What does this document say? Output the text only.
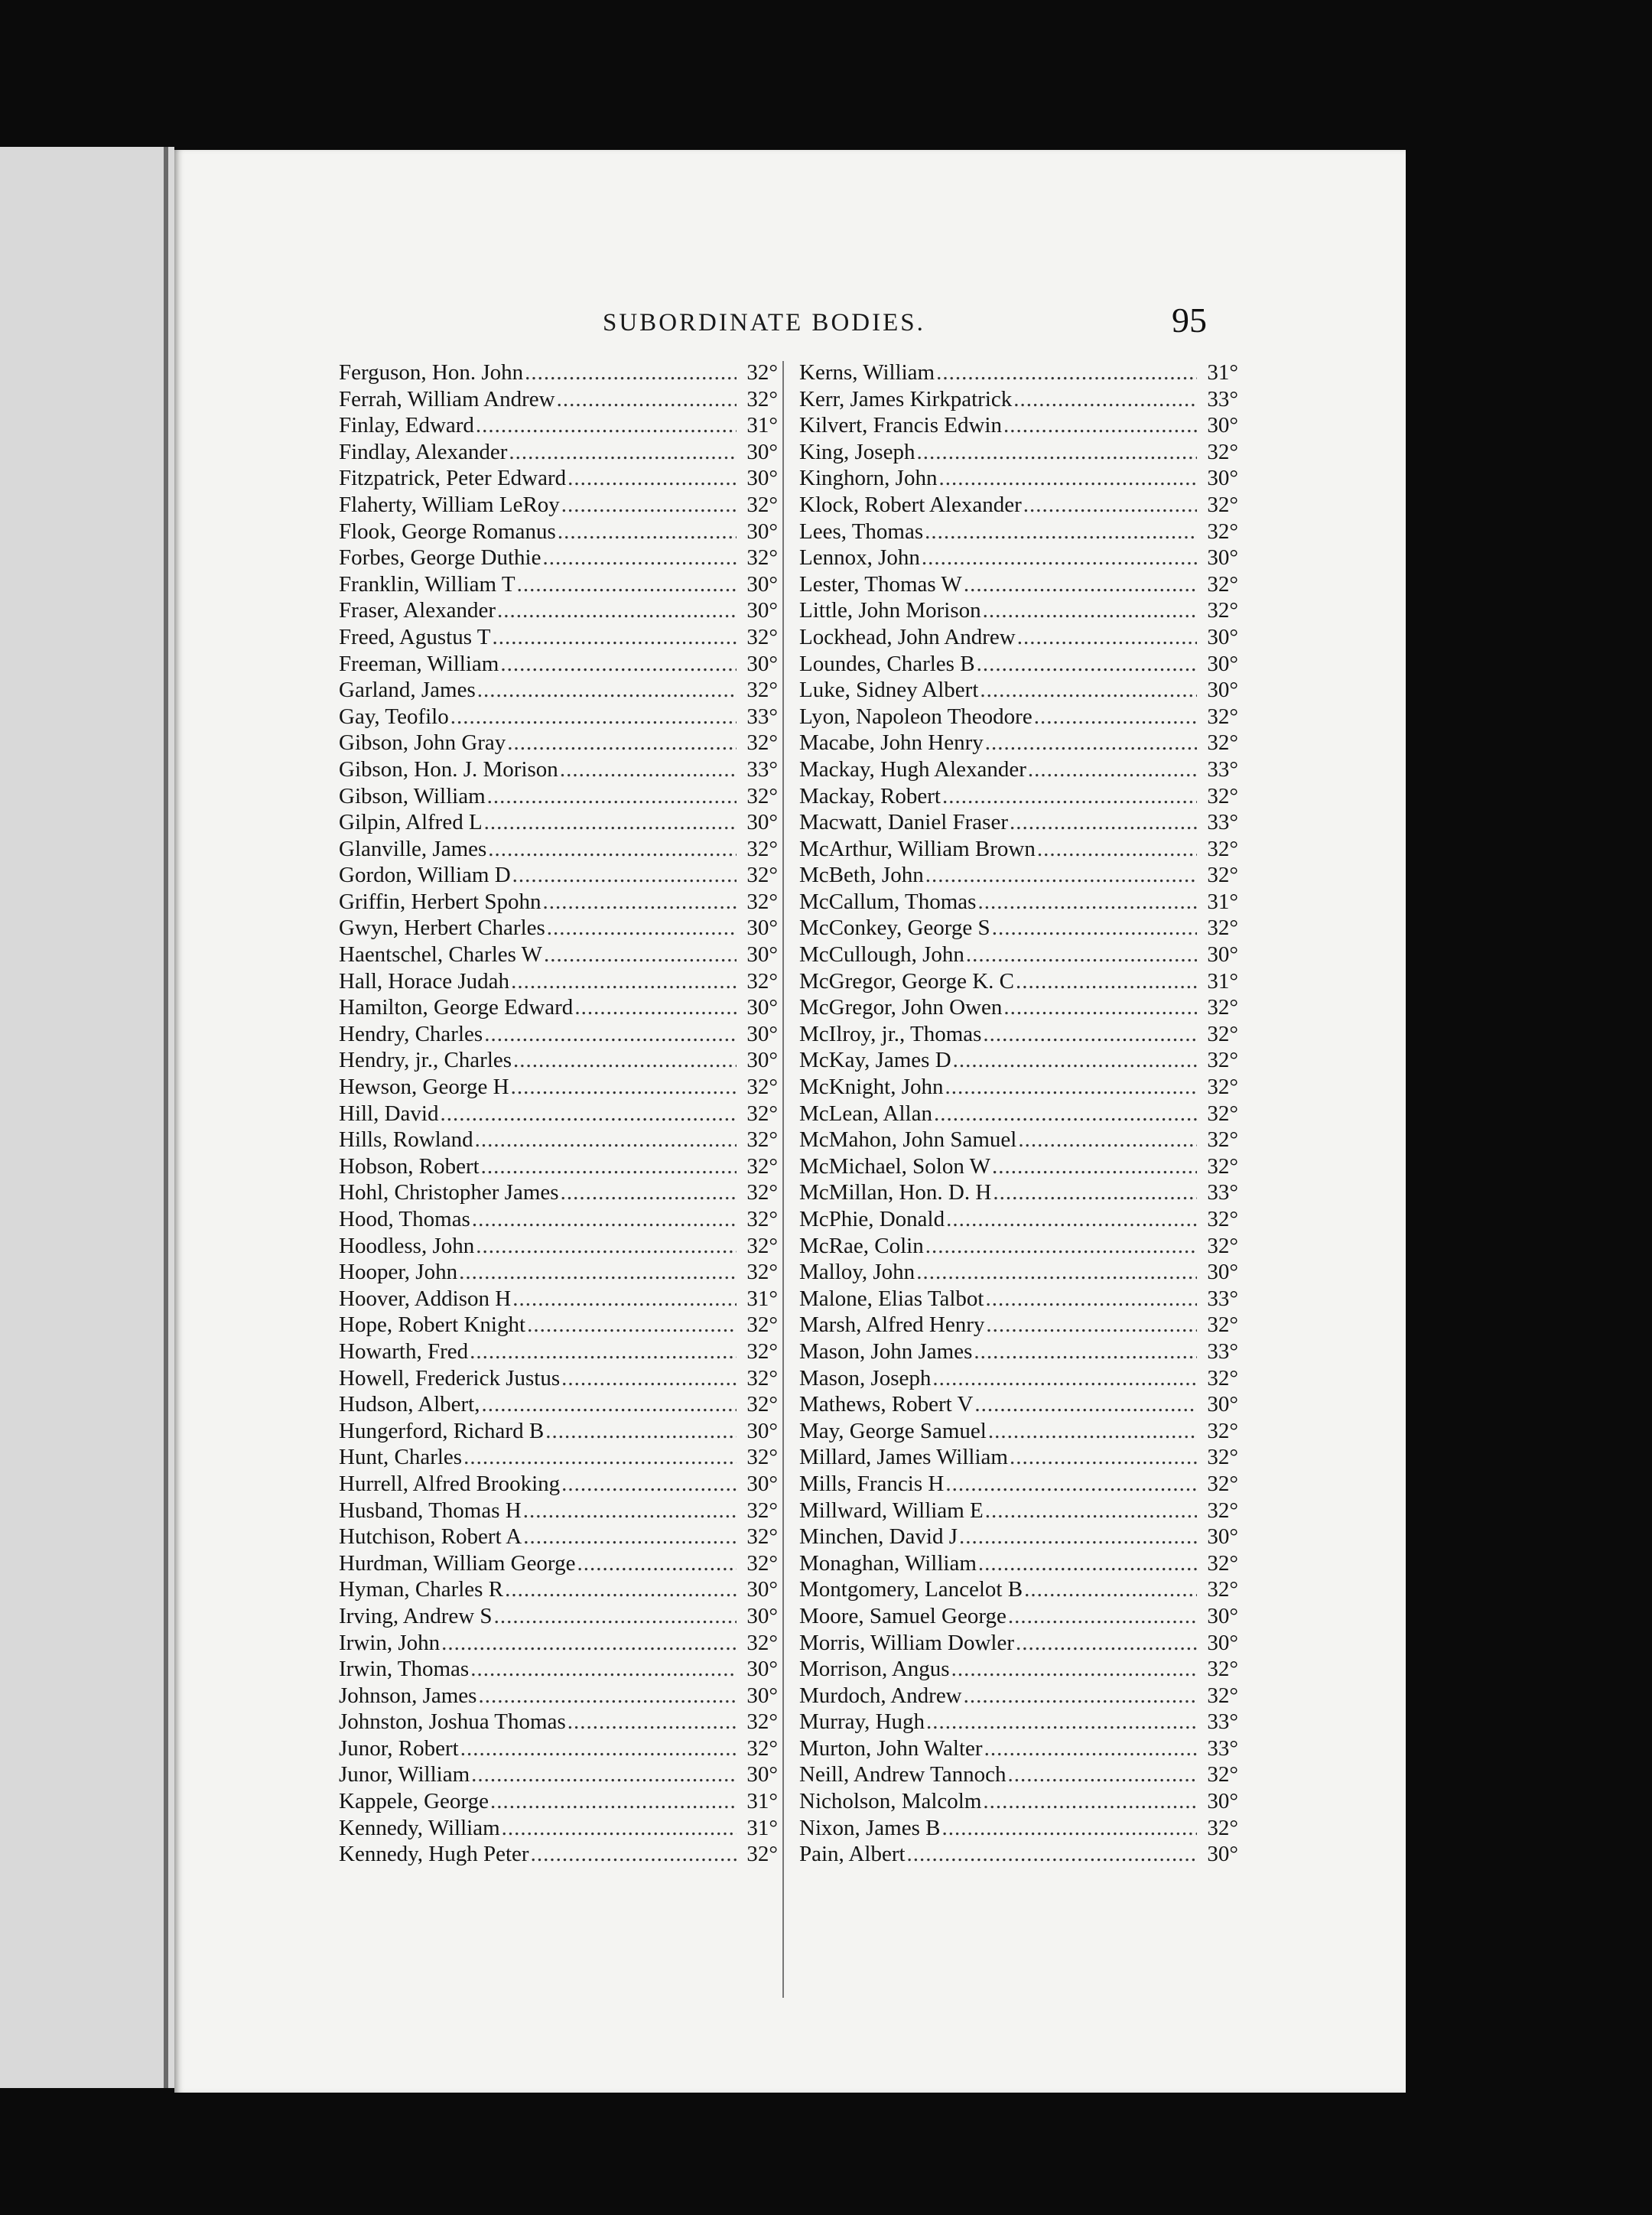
SUBORDINATE BODIES.	95
Ferguson, Hon. John .....	32°
Ferrah, William Andrew .....	32°
Finlay, Edward .....	31°
Findlay, Alexander .....	30°
Fitzpatrick, Peter Edward .....	30°
Flaherty, William LeRoy .....	32°
Flook, George Romanus .....	30°
Forbes, George Duthie .....	32°
Franklin, William T .....	30°
Fraser, Alexander .....	30°
Freed, Agustus T .....	32°
Freeman, William .....	30°
Garland, James .....	32°
Gay, Teofilo .....	33°
Gibson, John Gray .....	32°
Gibson, Hon. J. Morison .....	33°
Gibson, William .....	32°
Gilpin, Alfred L .....	30°
Glanville, James .....	32°
Gordon, William D .....	32°
Griffin, Herbert Spohn .....	32°
Gwyn, Herbert Charles .....	30°
Haentschel, Charles W .....	30°
Hall, Horace Judah .....	32°
Hamilton, George Edward .....	30°
Hendry, Charles .....	30°
Hendry, jr., Charles .....	30°
Hewson, George H .....	32°
Hill, David .....	32°
Hills, Rowland .....	32°
Hobson, Robert .....	32°
Hohl, Christopher James .....	32°
Hood, Thomas .....	32°
Hoodless, John .....	32°
Hooper, John .....	32°
Hoover, Addison H .....	31°
Hope, Robert Knight .....	32°
Howarth, Fred .....	32°
Howell, Frederick Justus .....	32°
Hudson, Albert, .....	32°
Hungerford, Richard B .....	30°
Hunt, Charles .....	32°
Hurrell, Alfred Brooking .....	30°
Husband, Thomas H .....	32°
Hutchison, Robert A .....	32°
Hurdman, William George .....	32°
Hyman, Charles R .....	30°
Irving, Andrew S .....	30°
Irwin, John .....	32°
Irwin, Thomas .....	30°
Johnson, James .....	30°
Johnston, Joshua Thomas .....	32°
Junor, Robert .....	32°
Junor, William .....	30°
Kappele, George .....	31°
Kennedy, William .....	31°
Kennedy, Hugh Peter .....	32°
Kerns, William .....	31°
Kerr, James Kirkpatrick .....	33°
Kilvert, Francis Edwin .....	30°
King, Joseph .....	32°
Kinghorn, John .....	30°
Klock, Robert Alexander .....	32°
Lees, Thomas .....	32°
Lennox, John .....	30°
Lester, Thomas W .....	32°
Little, John Morison .....	32°
Lockhead, John Andrew .....	30°
Loundes, Charles B .....	30°
Luke, Sidney Albert .....	30°
Lyon, Napoleon Theodore .....	32°
Macabe, John Henry .....	32°
Mackay, Hugh Alexander .....	33°
Mackay, Robert .....	32°
Macwatt, Daniel Fraser .....	33°
McArthur, William Brown .....	32°
McBeth, John .....	32°
McCallum, Thomas .....	31°
McConkey, George S .....	32°
McCullough, John .....	30°
McGregor, George K. C .....	31°
McGregor, John Owen .....	32°
McIlroy, jr., Thomas .....	32°
McKay, James D .....	32°
McKnight, John .....	32°
McLean, Allan .....	32°
McMahon, John Samuel .....	32°
McMichael, Solon W .....	32°
McMillan, Hon. D. H .....	33°
McPhie, Donald .....	32°
McRae, Colin .....	32°
Malloy, John .....	30°
Malone, Elias Talbot .....	33°
Marsh, Alfred Henry .....	32°
Mason, John James .....	33°
Mason, Joseph .....	32°
Mathews, Robert V .....	30°
May, George Samuel .....	32°
Millard, James William .....	32°
Mills, Francis H .....	32°
Millward, William E .....	32°
Minchen, David J .....	30°
Monaghan, William .....	32°
Montgomery, Lancelot B .....	32°
Moore, Samuel George .....	30°
Morris, William Dowler .....	30°
Morrison, Angus .....	32°
Murdoch, Andrew .....	32°
Murray, Hugh .....	33°
Murton, John Walter .....	33°
Neill, Andrew Tannoch .....	32°
Nicholson, Malcolm .....	30°
Nixon, James B .....	32°
Pain, Albert .....	30°
